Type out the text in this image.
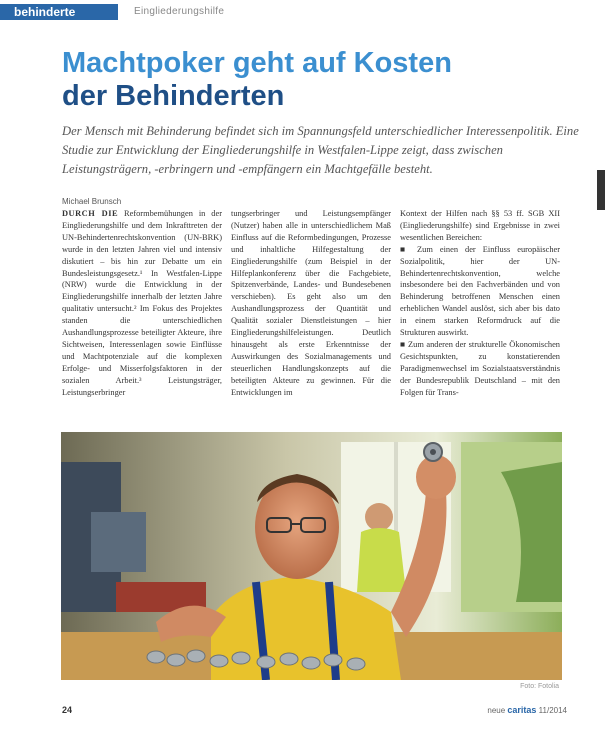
behinderte	Eingliederungshilfe
Machtpoker geht auf Kosten
der Behinderten
Der Mensch mit Behinderung befindet sich im Spannungsfeld unterschiedlicher Interessenpolitik. Eine Studie zur Entwicklung der Eingliederungshilfe in Westfalen-Lippe zeigt, dass zwischen Leistungsträgern, -erbringern und -empfängern ein Machtgefälle besteht.
Michael Brunsch

DURCH DIE Reformbemühungen in der Eingliederungshilfe und dem Inkrafttreten der UN-Behindertenrechtskonvention (UN-BRK) wurde in den letzten Jahren viel und intensiv diskutiert – bis hin zur Debatte um ein Bundesleistungsgesetz.¹ In Westfalen-Lippe (NRW) wurde die Entwicklung in der Eingliederungshilfe innerhalb der letzten Jahre qualitativ untersucht.² Im Fokus des Projektes standen die unterschiedlichen Aushandlungsprozesse beteiligter Akteure, ihre Sichtweisen, Interessenlagen sowie Einflüsse und Machtpotenziale auf die komplexen Erfolge- und Misserfolgsfaktoren in der sozialen Arbeit.³ Leistungsträger, Leistungserbringer

tungserbringer und Leistungsempfänger (Nutzer) haben alle in unterschiedlichem Maß Einfluss auf die Reformbedingungen, Prozesse und inhaltliche Hilfegestaltung der Eingliederungshilfe (zum Beispiel in der Hilfeplankonferenz über die Fachgebiete, Spitzenverbände, Landes- und Bundesebenen verschieben). Es geht also um den Aushandlungsprozess der Quantität und Qualität sozialer Dienstleistungen – hier Eingliederungshilfeleistungen. Deutlich hinausgeht als erste Erkenntnisse der Auswirkungen des Sozialmanagements und steuerlichen Handlungskonzepts auf die beteiligten Akteure zu gewinnen. Für die Entwicklungen im

Kontext der Hilfen nach §§ 53 ff. SGB XII (Eingliederungshilfe) sind Ergebnisse in zwei wesentlichen Bereichen:

■ Zum einen der Einfluss europäischer Sozialpolitik, hier der UN-Behindertenrechtskonvention, welche insbesondere bei den Fachverbänden und von Behinderung betroffenen Menschen einen erheblichen Wandel auslöst, sich aber bis dato in einem starken Reformdruck auf die Strukturen auswirkt.

■ Zum anderen der strukturelle Ökonomischen Gesichtspunkten, zu konstatierenden Paradigmenwechsel im Sozialstaatsverständnis der Bundesrepublik Deutschland – mit den Folgen für Trans-

Foto: Fotolia
24	neue caritas 11/2014
